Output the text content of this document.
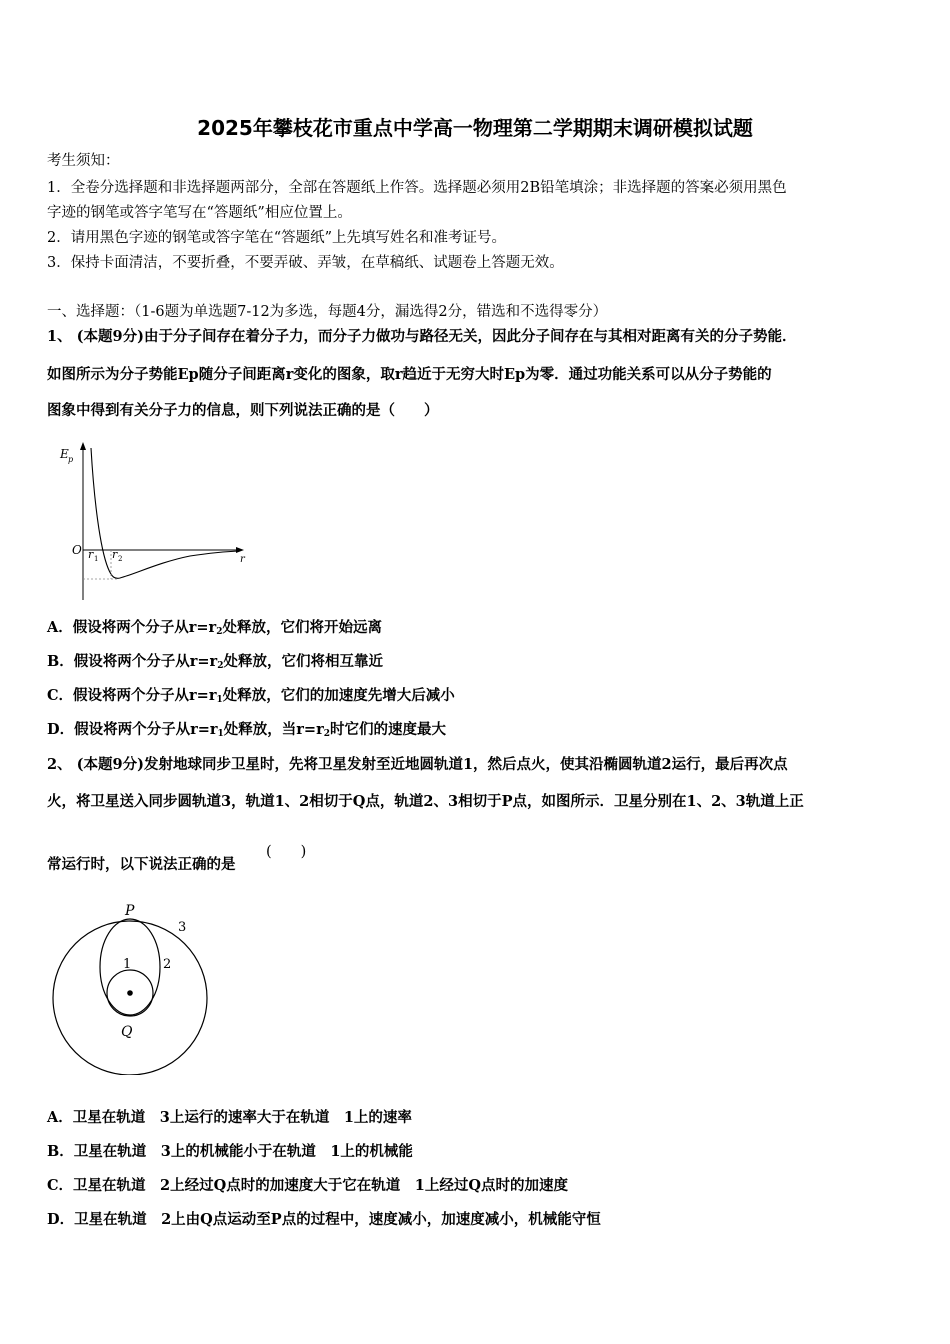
2025年攀枝花市重点中学高一物理第二学期期末调研模拟试题
考生须知：
1．全卷分选择题和非选择题两部分，全部在答题纸上作答。选择题必须用2B铅笔填涂；非选择题的答案必须用黑色
字迹的钢笔或答字笔写在“答题纸”相应位置上。
2．请用黑色字迹的钢笔或答字笔在“答题纸”上先填写姓名和准考证号。
3．保持卡面清洁，不要折叠，不要弄破、弄皱，在草稿纸、试题卷上答题无效。
一、选择题：（1-6题为单选题7-12为多选，每题4分，漏选得2分，错选和不选得零分）
1、 (本题9分)由于分子间存在着分子力，而分子力做功与路径无关，因此分子间存在与其相对距离有关的分子势能．
如图所示为分子势能Ep随分子间距离r变化的图象，取r趋近于无穷大时Ep为零．通过功能关系可以从分子势能的
图象中得到有关分子力的信息，则下列说法正确的是（　　）
E p
O r 1 r 2	r
A．假设将两个分子从$r=r_2$处释放，它们将开始远离
B．假设将两个分子从$r=r_2$处释放，它们将相互靠近
C．假设将两个分子从$r=r_1$处释放，它们的加速度先增大后减小
D．假设将两个分子从$r=r_1$处释放，当$r=r_2$时它们的速度最大
2、 (本题9分)发射地球同步卫星时，先将卫星发射至近地圆轨道1，然后点火，使其沿椭圆轨道2运行，最后再次点
火，将卫星送入同步圆轨道3，轨道1、2相切于Q点，轨道2、3相切于P点，如图所示．卫星分别在1、2、3轨道上正
常运行时，以下说法正确的是
(　　)
P
Q
1 2
3
A．卫星在轨道　3上运行的速率大于在轨道　1上的速率
B．卫星在轨道　3上的机械能小于在轨道　1上的机械能
C．卫星在轨道　2上经过Q点时的加速度大于它在轨道　1上经过Q点时的加速度
D．卫星在轨道　2上由Q点运动至P点的过程中，速度减小，加速度减小，机械能守恒
